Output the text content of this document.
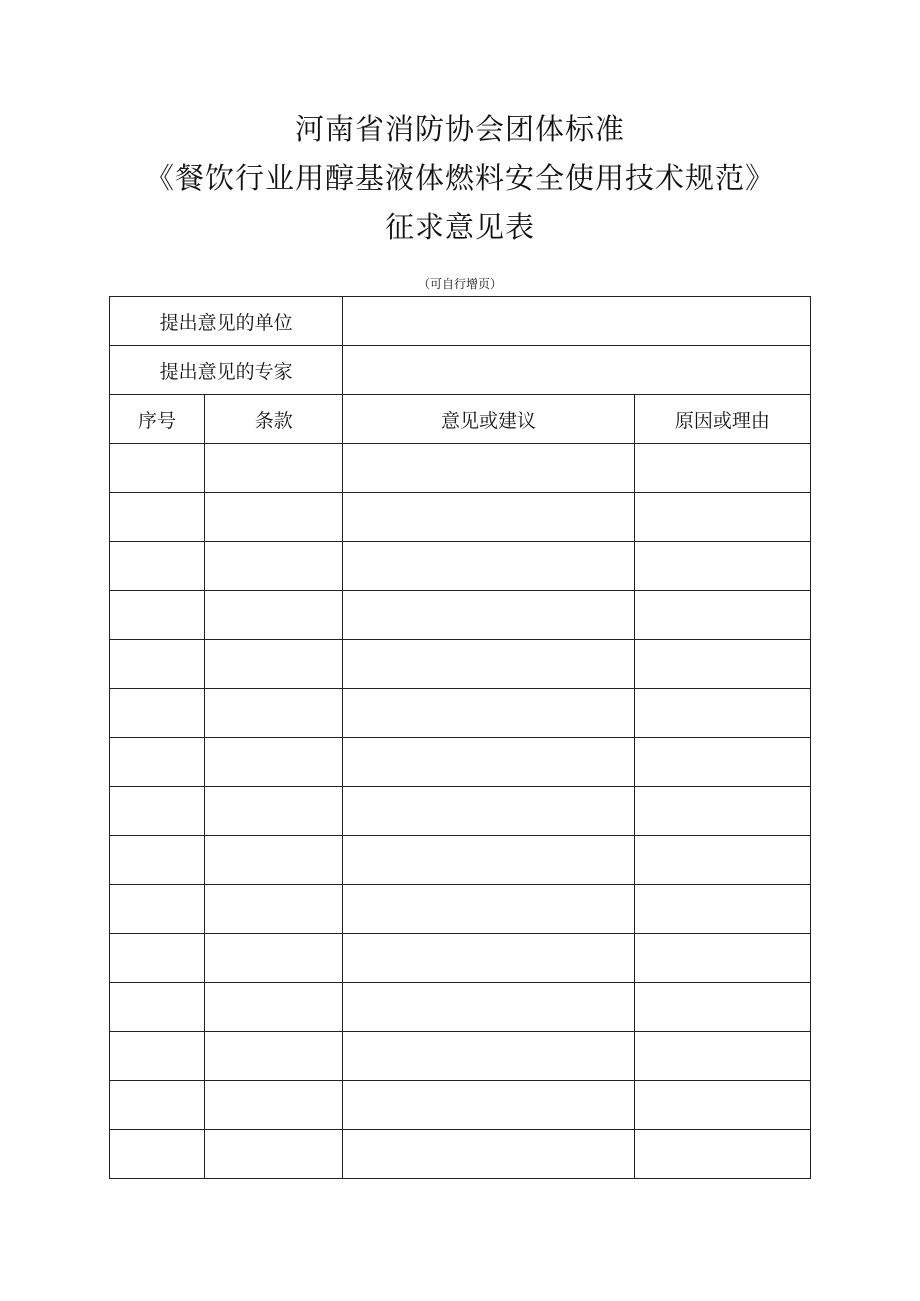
河南省消防协会团体标准
《餐饮行业用醇基液体燃料安全使用技术规范》
征求意见表
（可自行增页）
提出意见的单位			
提出意见的专家			
序号	条款	意见或建议	原因或理由
